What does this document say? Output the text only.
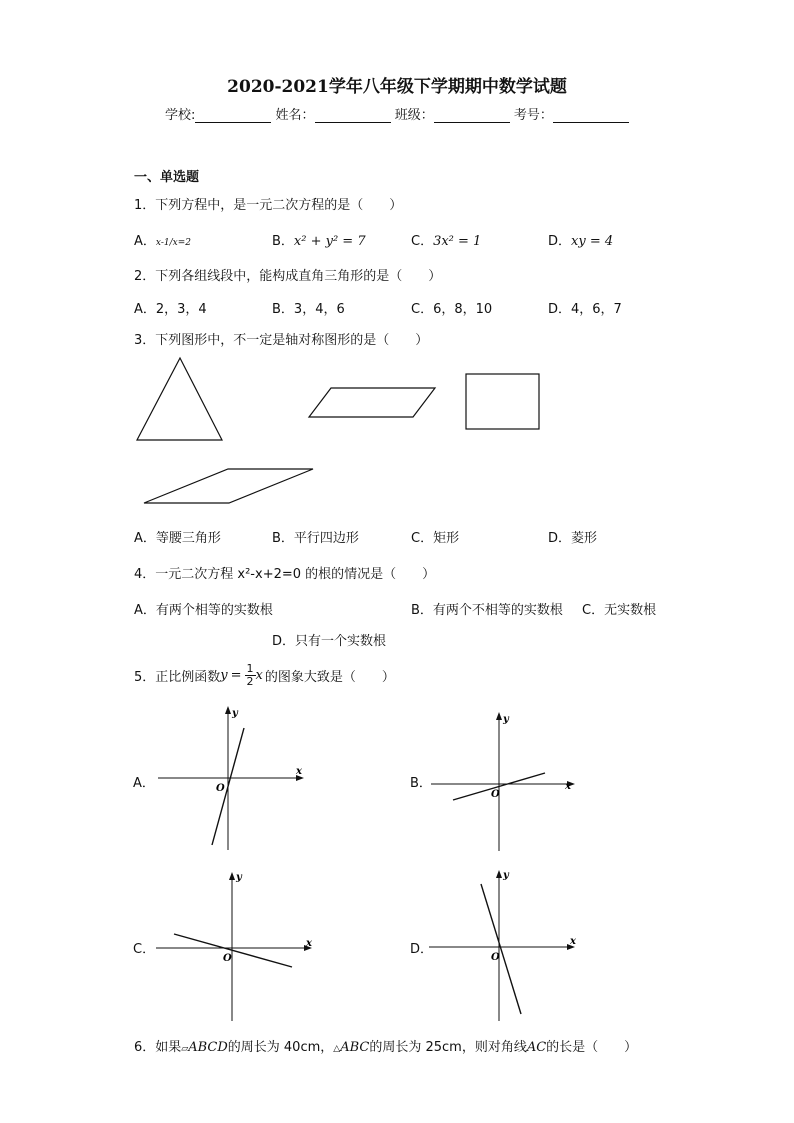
2020-2021学年八年级下学期期中数学试题
学校:	姓名：	班级：	考号：
一、单选题
1．下列方程中，是一元二次方程的是（　　）
A．x-1/x=2	B．x² + y² = 7	C．3x² = 1	D．xy = 4
2．下列各组线段中，能构成直角三角形的是（　　）
A．2，3，4	B．3，4，6	C．6，8，10	D．4，6，7
3．下列图形中，不一定是轴对称图形的是（　　）
A．等腰三角形	B．平行四边形	C．矩形	D．菱形
4．一元二次方程 x²-x+2=0 的根的情况是（　　）
A．有两个相等的实数根	B．有两个不相等的实数根 C．无实数根
D．只有一个实数根
5．正比例函数 $y = \frac{1}{2}$ x 的图象大致是（　　）
A．	B．
C．	D．
y
x
O
y
x
O
y
x
O
y
x
O
6．如果▱ABCD的周长为 40cm，△ABC的周长为 25cm，则对角线AC的长是（　　）
